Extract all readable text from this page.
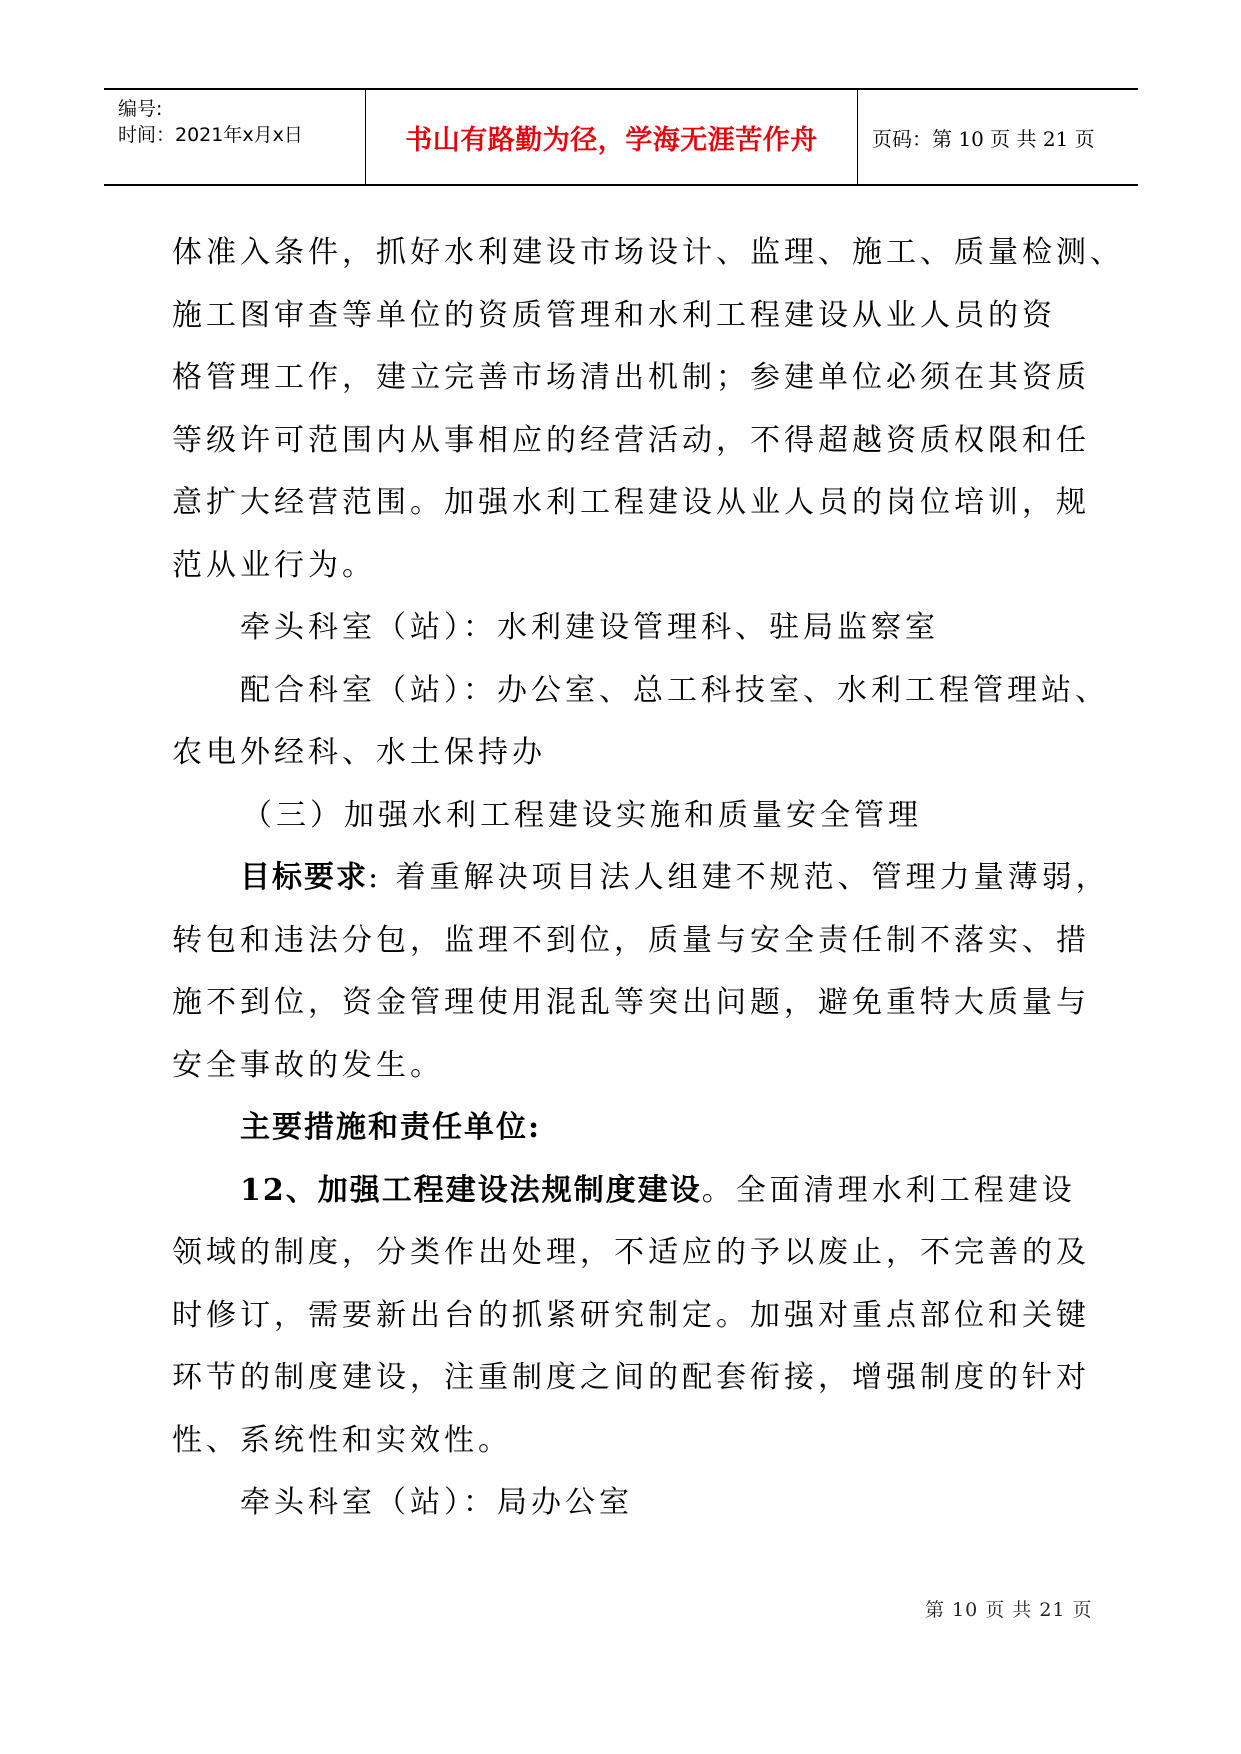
编号:
时间：2021年x月x日	书山有路勤为径，学海无涯苦作舟	页码：第 10 页 共 21 页

体准入条件，抓好水利建设市场设计、监理、施工、质量检测、

施工图审查等单位的资质管理和水利工程建设从业人员的资

格管理工作，建立完善市场清出机制；参建单位必须在其资质

等级许可范围内从事相应的经营活动，不得超越资质权限和任

意扩大经营范围。加强水利工程建设从业人员的岗位培训，规

范从业行为。

牵头科室（站）：水利建设管理科、驻局监察室

配合科室（站）：办公室、总工科技室、水利工程管理站、

农电外经科、水土保持办

（三）加强水利工程建设实施和质量安全管理

目标要求: 着重解决项目法人组建不规范、管理力量薄弱，

转包和违法分包，监理不到位，质量与安全责任制不落实、措

施不到位，资金管理使用混乱等突出问题，避免重特大质量与

安全事故的发生。

主要措施和责任单位:

12、加强工程建设法规制度建设。全面清理水利工程建设

领域的制度，分类作出处理，不适应的予以废止，不完善的及

时修订，需要新出台的抓紧研究制定。加强对重点部位和关键

环节的制度建设，注重制度之间的配套衔接，增强制度的针对

性、系统性和实效性。

牵头科室（站）：局办公室

第 10 页 共 21 页
